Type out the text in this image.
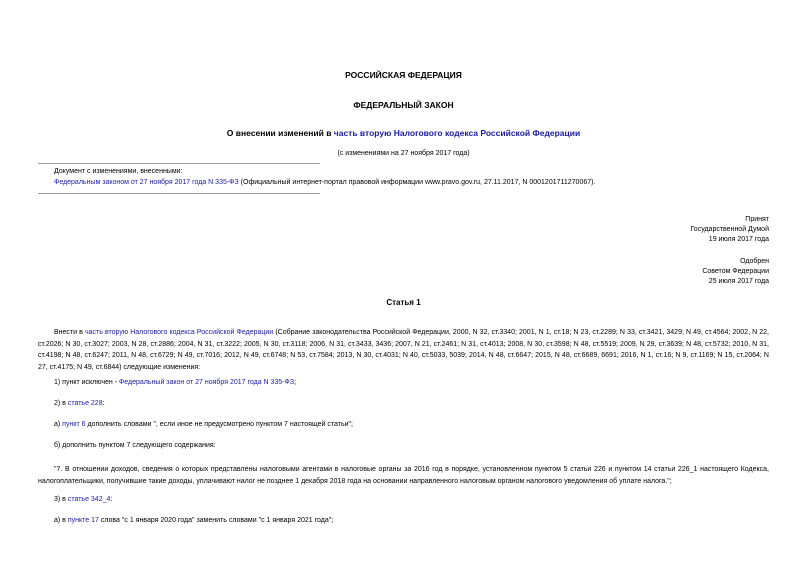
РОССИЙСКАЯ ФЕДЕРАЦИЯ
ФЕДЕРАЛЬНЫЙ ЗАКОН
О внесении изменений в часть вторую Налогового кодекса Российской Федерации
(с изменениями на 27 ноября 2017 года)
Документ с изменениями, внесенными:
Федеральным законом от 27 ноября 2017 года N 335-ФЗ (Официальный интернет-портал правовой информации www.pravo.gov.ru, 27.11.2017, N 0001201711270067).
Принят
Государственной Думой
19 июля 2017 года
Одобрен
Советом Федерации
25 июля 2017 года
Статья 1
Внести в часть вторую Налогового кодекса Российской Федерации (Собрание законодательства Российской Федерации, 2000, N 32, ст.3340; 2001, N 1, ст.18; N 23, ст.2289; N 33, ст.3421, 3429; N 49, ст.4564; 2002, N 22, ст.2026; N 30, ст.3027; 2003, N 28, ст.2886; 2004, N 31, ст.3222; 2005, N 30, ст.3118; 2006, N 31, ст.3433, 3436; 2007, N 21, ст.2461; N 31, ст.4013; 2008, N 30, ст.3598; N 48, ст.5519; 2009, N 29, ст.3639; N 48, ст.5732; 2010, N 31, ст.4198; N 48, ст.6247; 2011, N 48, ст.6729; N 49, ст.7016; 2012, N 49, ст.6748; N 53, ст.7584; 2013, N 30, ст.4031; N 40, ст.5033, 5039; 2014, N 48, ст.6647; 2015, N 48, ст.6689, 6691; 2016, N 1, ст.16; N 9, ст.1169; N 15, ст.2064; N 27, ст.4175; N 49, ст.6844) следующие изменения:
1) пункт исключен - Федеральный закон от 27 ноября 2017 года N 335-ФЗ;
2) в статье 228:
а) пункт 6 дополнить словами ", если иное не предусмотрено пунктом 7 настоящей статьи";
б) дополнить пунктом 7 следующего содержания:
"7. В отношении доходов, сведения о которых представлены налоговыми агентами в налоговые органы за 2016 год в порядке, установленном пунктом 5 статьи 226 и пунктом 14 статьи 226_1 настоящего Кодекса, налогоплательщики, получившие такие доходы, уплачивают налог не позднее 1 декабря 2018 года на основании направленного налоговым органом налогового уведомления об уплате налога.";
3) в статье 342_4:
а) в пункте 17 слова "с 1 января 2020 года" заменить словами "с 1 января 2021 года";
